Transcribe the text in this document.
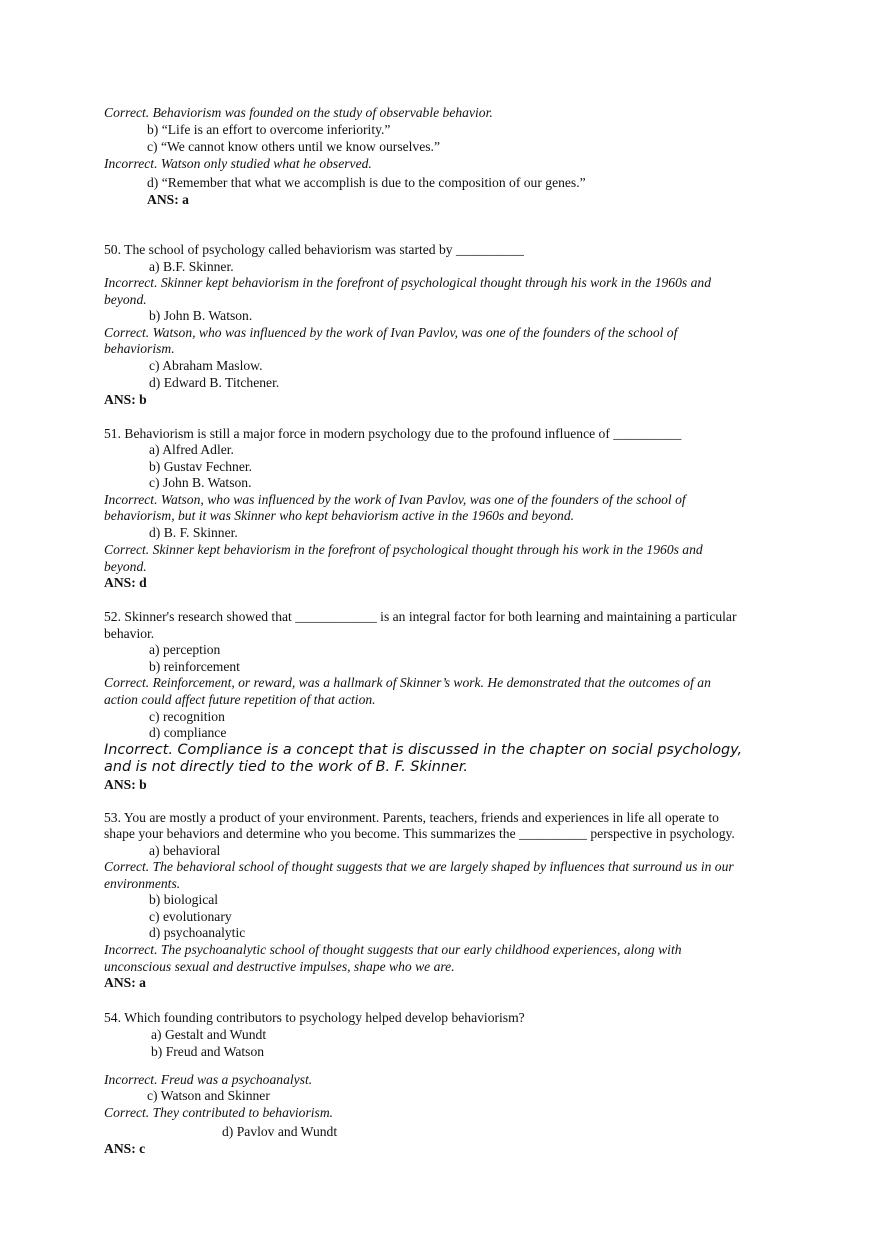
Correct. Behaviorism was founded on the study of observable behavior.
b) “Life is an effort to overcome inferiority.”
c) “We cannot know others until we know ourselves.”
Incorrect. Watson only studied what he observed.
d) “Remember that what we accomplish is due to the composition of our genes.”
ANS: a
50. The school of psychology called behaviorism was started by __________
a) B.F. Skinner.
Incorrect. Skinner kept behaviorism in the forefront of psychological thought through his work in the 1960s and
beyond.
b) John B. Watson.
Correct. Watson, who was influenced by the work of Ivan Pavlov, was one of the founders of the school of
behaviorism.
c) Abraham Maslow.
d) Edward B. Titchener.
ANS: b
51. Behaviorism is still a major force in modern psychology due to the profound influence of __________
a) Alfred Adler.
b) Gustav Fechner.
c) John B. Watson.
Incorrect. Watson, who was influenced by the work of Ivan Pavlov, was one of the founders of the school of
behaviorism, but it was Skinner who kept behaviorism active in the 1960s and beyond.
d) B. F. Skinner.
Correct. Skinner kept behaviorism in the forefront of psychological thought through his work in the 1960s and
beyond.
ANS: d
52. Skinner's research showed that ____________ is an integral factor for both learning and maintaining a particular
behavior.
a) perception
b) reinforcement
Correct. Reinforcement, or reward, was a hallmark of Skinner’s work. He demonstrated that the outcomes of an
action could affect future repetition of that action.
c) recognition
d) compliance
Incorrect. Compliance is a concept that is discussed in the chapter on social psychology,
and is not directly tied to the work of B. F. Skinner.
ANS: b
53. You are mostly a product of your environment. Parents, teachers, friends and experiences in life all operate to
shape your behaviors and determine who you become. This summarizes the __________ perspective in psychology.
a) behavioral
Correct. The behavioral school of thought suggests that we are largely shaped by influences that surround us in our
environments.
b) biological
c) evolutionary
d) psychoanalytic
Incorrect. The psychoanalytic school of thought suggests that our early childhood experiences, along with
unconscious sexual and destructive impulses, shape who we are.
ANS: a
54. Which founding contributors to psychology helped develop behaviorism?
a) Gestalt and Wundt
b) Freud and Watson
Incorrect. Freud was a psychoanalyst.
c) Watson and Skinner
Correct. They contributed to behaviorism.
d) Pavlov and Wundt
ANS: c
